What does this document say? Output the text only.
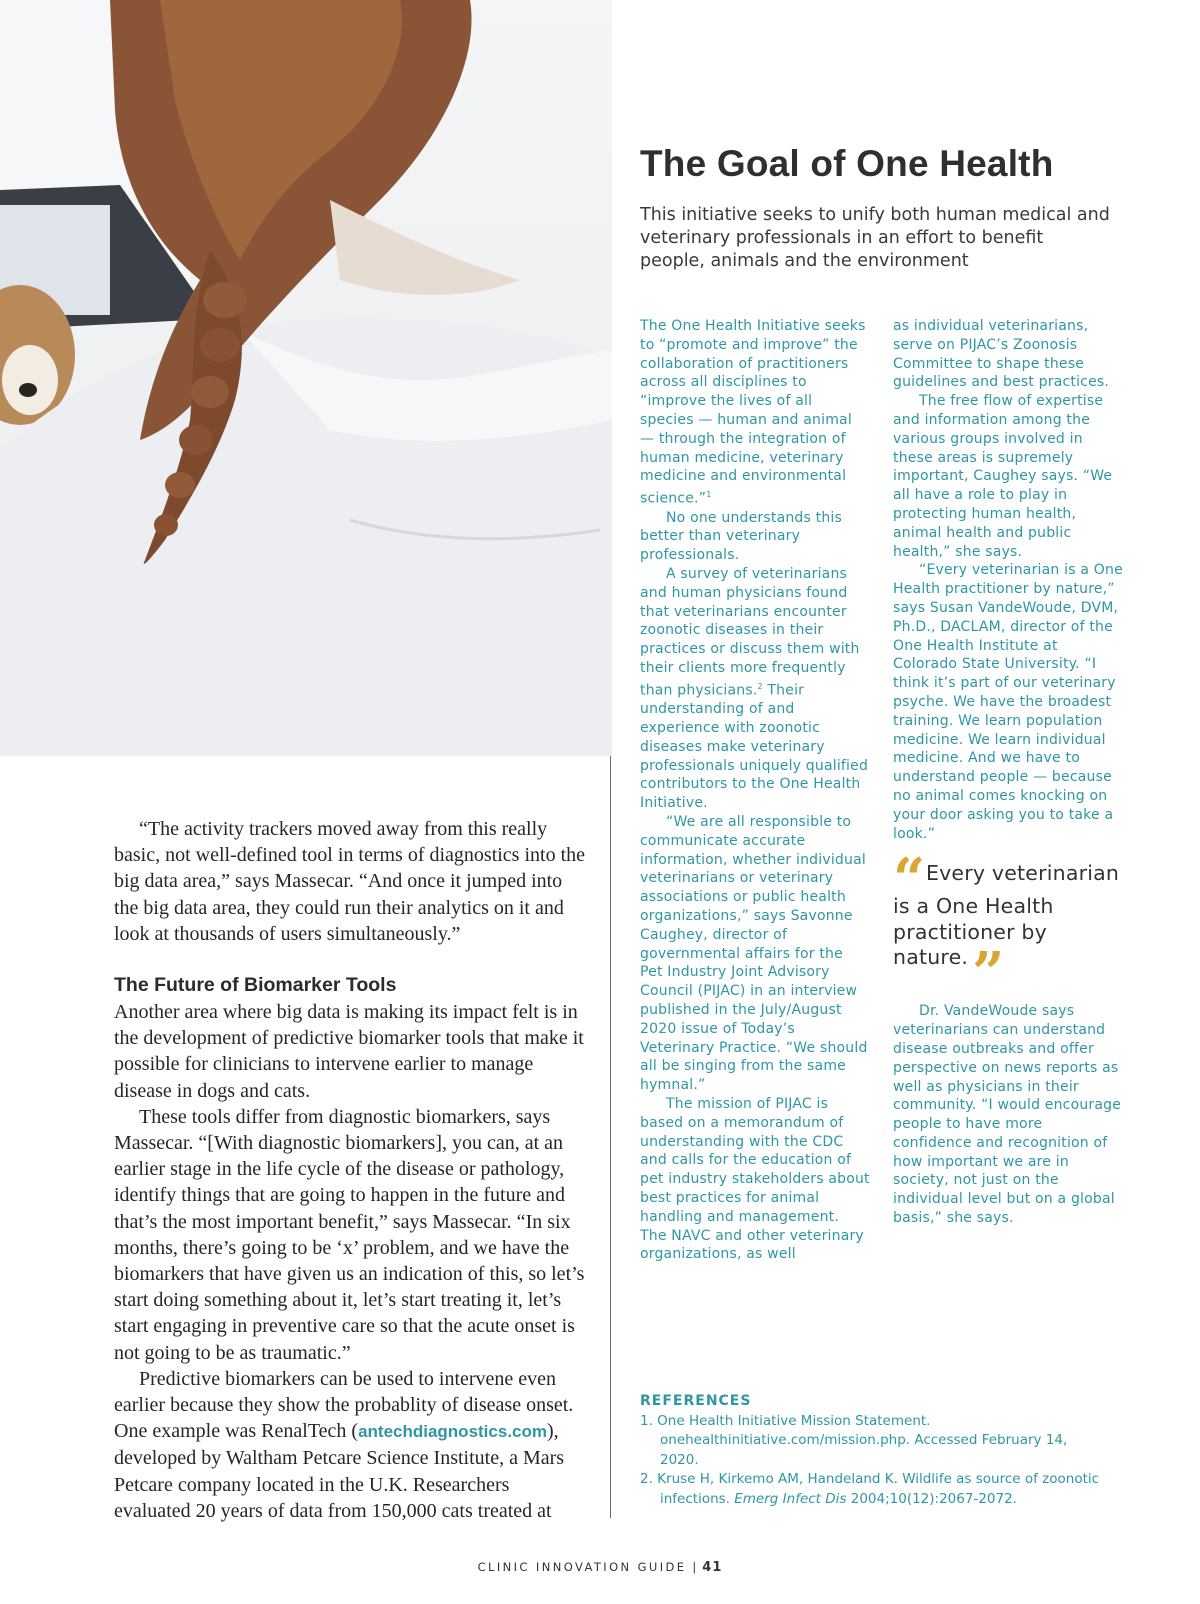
The Goal of One Health

This initiative seeks to unify both human medical and veterinary professionals in an effort to benefit people, animals and the environment

The One Health Initiative seeks to “promote and improve” the collaboration of practitioners across all disciplines to “improve the lives of all species — human and animal — through the integration of human medicine, veterinary medicine and environmental science.”$^1$

No one understands this better than veterinary professionals.

A survey of veterinarians and human physicians found that veterinarians encounter zoonotic diseases in their practices or discuss them with their clients more frequently than physicians.$^2$ Their understanding of and experience with zoonotic diseases make veterinary professionals uniquely qualified contributors to the One Health Initiative.

“We are all responsible to communicate accurate information, whether individual veterinarians or veterinary associations or public health organizations,” says Savonne Caughey, director of governmental affairs for the Pet Industry Joint Advisory Council (PIJAC) in an interview published in the July/August 2020 issue of Today’s Veterinary Practice. “We should all be singing from the same hymnal.”

The mission of PIJAC is based on a memorandum of understanding with the CDC and calls for the education of pet industry stakeholders about best practices for animal handling and management. The NAVC and other veterinary organizations, as well

as individual veterinarians, serve on PIJAC’s Zoonosis Committee to shape these guidelines and best practices.

The free flow of expertise and information among the various groups involved in these areas is supremely important, Caughey says. “We all have a role to play in protecting human health, animal health and public health,” she says.

“Every veterinarian is a One Health practitioner by nature,” says Susan VandeWoude, DVM, Ph.D., DACLAM, director of the One Health Institute at Colorado State University. “I think it’s part of our veterinary psyche. We have the broadest training. We learn population medicine. We learn individual medicine. And we have to understand people — because no animal comes knocking on your door asking you to take a look.”

“ Every veterinarian is a One Health practitioner by nature.”

Dr. VandeWoude says veterinarians can understand disease outbreaks and offer perspective on news reports as well as physicians in their community. “I would encourage people to have more confidence and recognition of how important we are in society, not just on the individual level but on a global basis,” she says.

REFERENCES

1. One Health Initiative Mission Statement. onehealthinitiative.com/mission.php. Accessed February 14, 2020.

2. Kruse H, Kirkemo AM, Handeland K. Wildlife as source of zoonotic infections. Emerg Infect Dis 2004;10(12):2067-2072.

“The activity trackers moved away from this really basic, not well-defined tool in terms of diagnostics into the big data area,” says Massecar. “And once it jumped into the big data area, they could run their analytics on it and look at thousands of users simultaneously.”

The Future of Biomarker Tools

Another area where big data is making its impact felt is in the development of predictive biomarker tools that make it possible for clinicians to intervene earlier to manage disease in dogs and cats.

These tools differ from diagnostic biomarkers, says Massecar. “[With diagnostic biomarkers], you can, at an earlier stage in the life cycle of the disease or pathology, identify things that are going to happen in the future and that’s the most important benefit,” says Massecar. “In six months, there’s going to be ‘x’ problem, and we have the biomarkers that have given us an indication of this, so let’s start doing something about it, let’s start treating it, let’s start engaging in preventive care so that the acute onset is not going to be as traumatic.”

Predictive biomarkers can be used to intervene even earlier because they show the probablity of disease onset. One example was RenalTech (antechdiagnostics.com), developed by Waltham Petcare Science Institute, a Mars Petcare company located in the U.K. Researchers evaluated 20 years of data from 150,000 cats treated at

CLINIC INNOVATION GUIDE | 41
